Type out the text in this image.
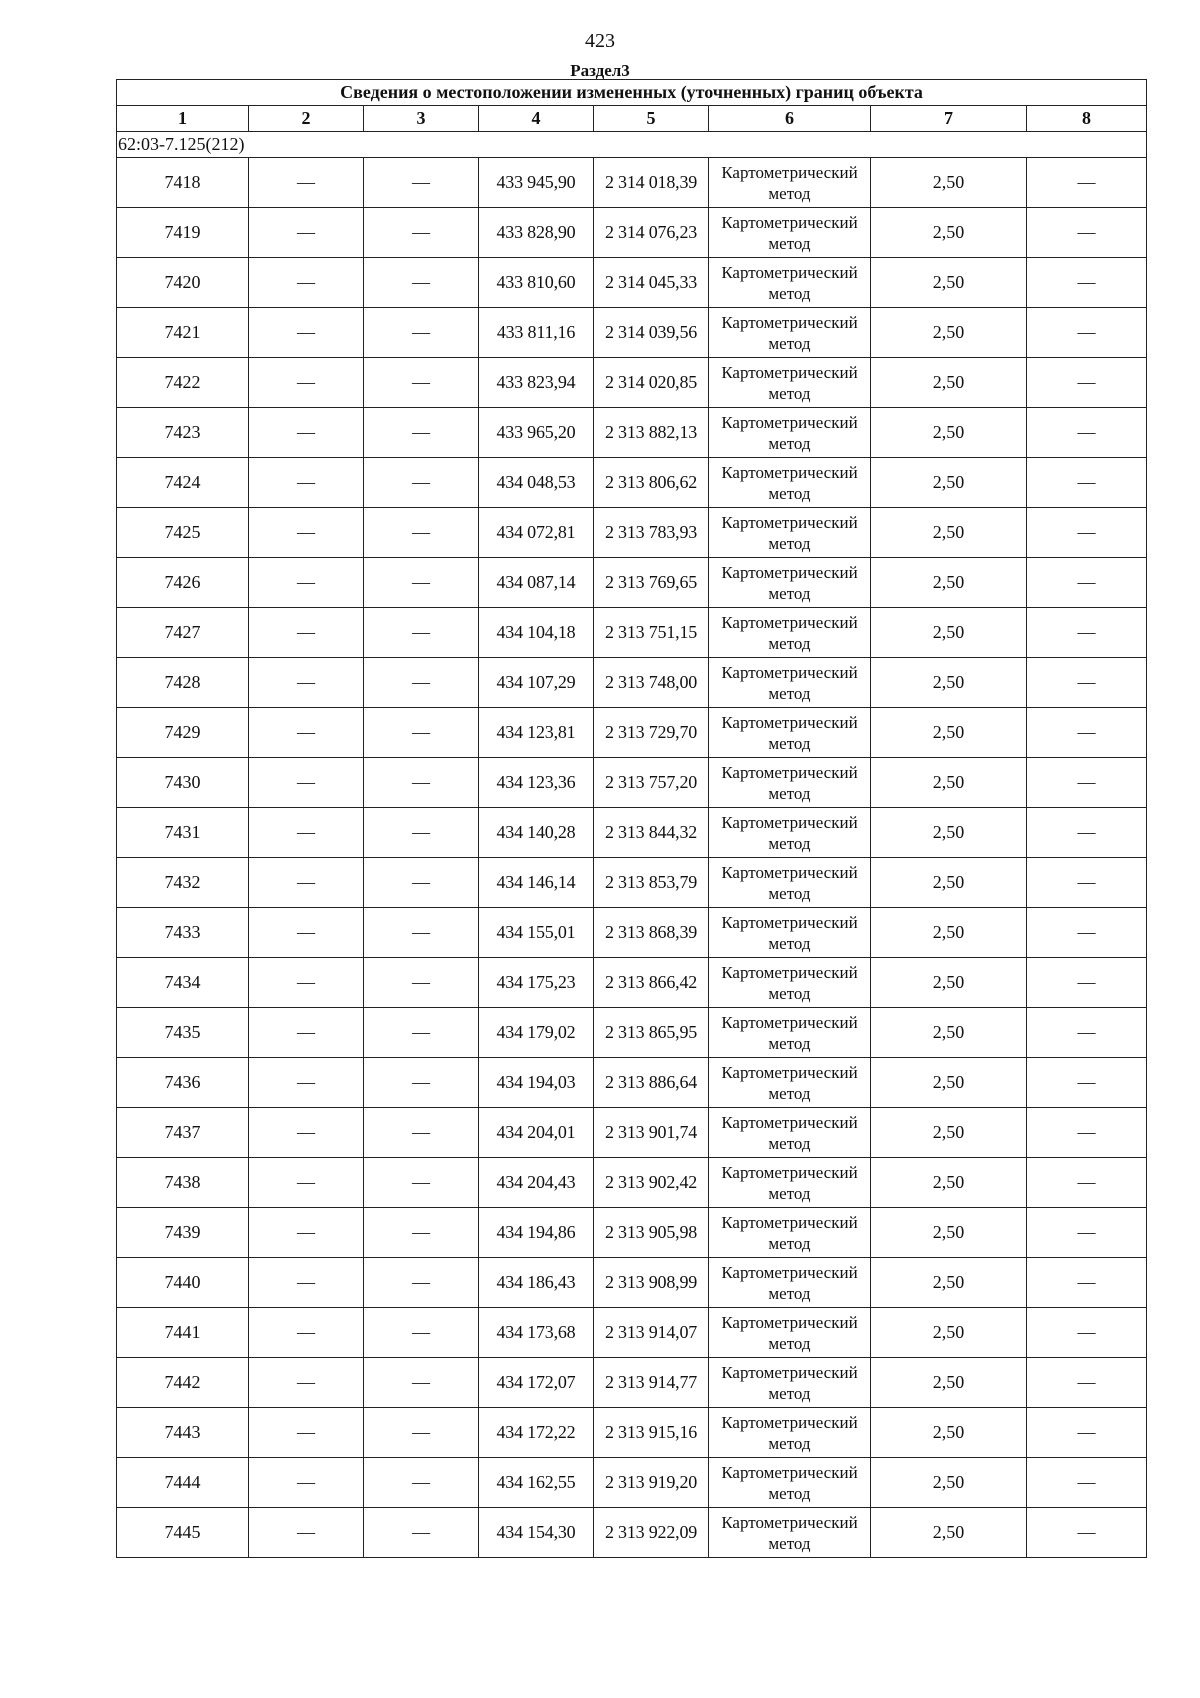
423
Раздел3
Сведения о местоположении измененных (уточненных) границ объекта							
1	2	3	4	5	6	7	8
62:03-7.125(212)							
7418	—	—	433 945,90	2 314 018,39	Картометрический метод	2,50	—
7419	—	—	433 828,90	2 314 076,23	Картометрический метод	2,50	—
7420	—	—	433 810,60	2 314 045,33	Картометрический метод	2,50	—
7421	—	—	433 811,16	2 314 039,56	Картометрический метод	2,50	—
7422	—	—	433 823,94	2 314 020,85	Картометрический метод	2,50	—
7423	—	—	433 965,20	2 313 882,13	Картометрический метод	2,50	—
7424	—	—	434 048,53	2 313 806,62	Картометрический метод	2,50	—
7425	—	—	434 072,81	2 313 783,93	Картометрический метод	2,50	—
7426	—	—	434 087,14	2 313 769,65	Картометрический метод	2,50	—
7427	—	—	434 104,18	2 313 751,15	Картометрический метод	2,50	—
7428	—	—	434 107,29	2 313 748,00	Картометрический метод	2,50	—
7429	—	—	434 123,81	2 313 729,70	Картометрический метод	2,50	—
7430	—	—	434 123,36	2 313 757,20	Картометрический метод	2,50	—
7431	—	—	434 140,28	2 313 844,32	Картометрический метод	2,50	—
7432	—	—	434 146,14	2 313 853,79	Картометрический метод	2,50	—
7433	—	—	434 155,01	2 313 868,39	Картометрический метод	2,50	—
7434	—	—	434 175,23	2 313 866,42	Картометрический метод	2,50	—
7435	—	—	434 179,02	2 313 865,95	Картометрический метод	2,50	—
7436	—	—	434 194,03	2 313 886,64	Картометрический метод	2,50	—
7437	—	—	434 204,01	2 313 901,74	Картометрический метод	2,50	—
7438	—	—	434 204,43	2 313 902,42	Картометрический метод	2,50	—
7439	—	—	434 194,86	2 313 905,98	Картометрический метод	2,50	—
7440	—	—	434 186,43	2 313 908,99	Картометрический метод	2,50	—
7441	—	—	434 173,68	2 313 914,07	Картометрический метод	2,50	—
7442	—	—	434 172,07	2 313 914,77	Картометрический метод	2,50	—
7443	—	—	434 172,22	2 313 915,16	Картометрический метод	2,50	—
7444	—	—	434 162,55	2 313 919,20	Картометрический метод	2,50	—
7445	—	—	434 154,30	2 313 922,09	Картометрический метод	2,50	—
